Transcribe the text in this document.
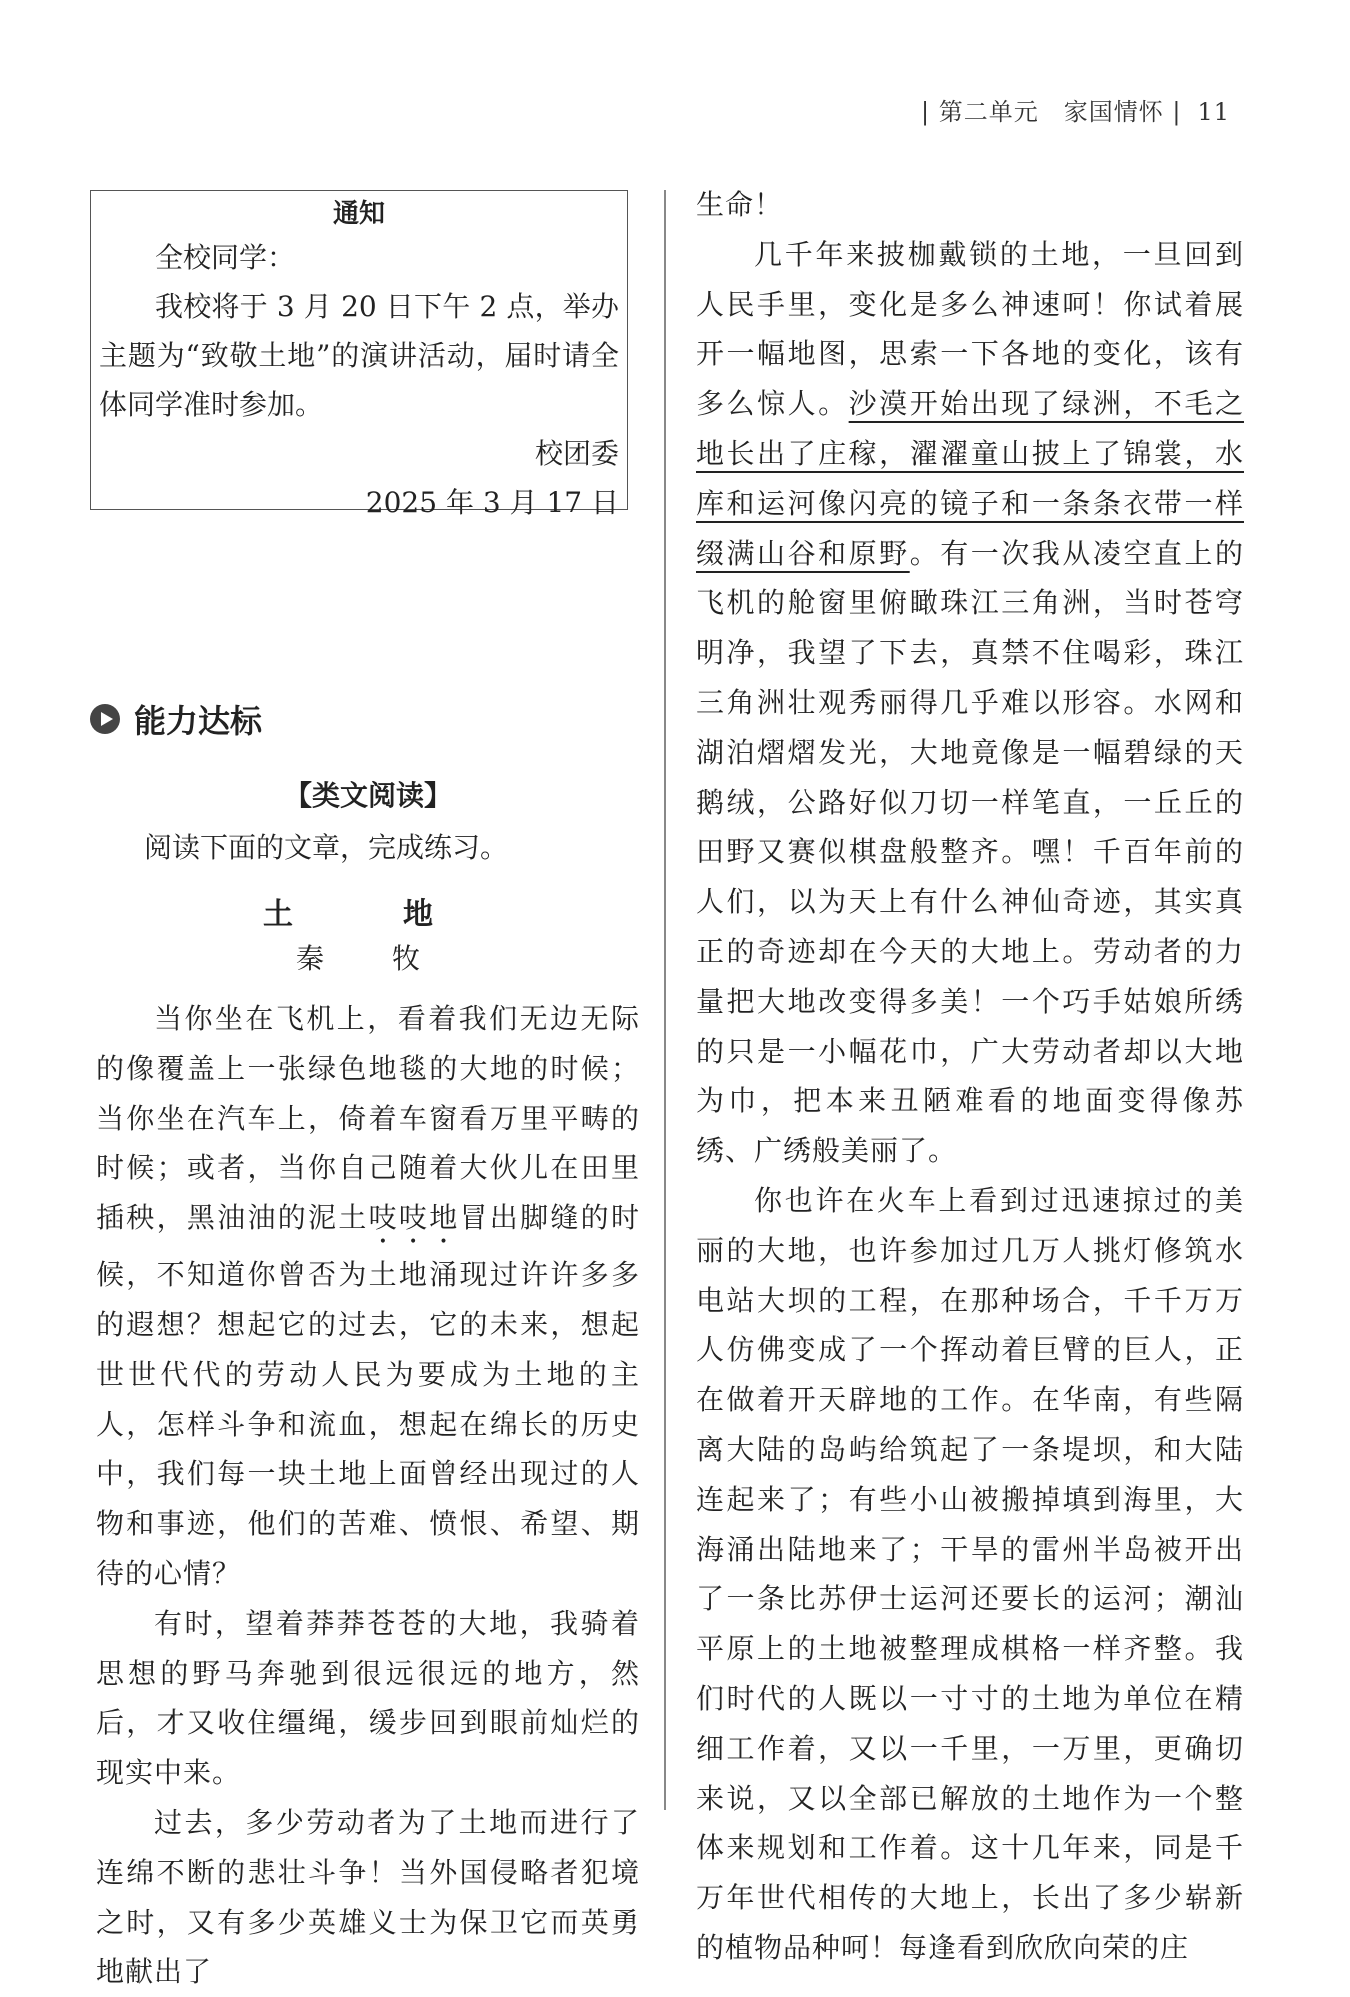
| 第二单元　家国情怀 | 11
通知

全校同学：

我校将于 3 月 20 日下午 2 点，举办主题为“致敬土地”的演讲活动，届时请全体同学准时参加。

校团委

2025 年 3 月 17 日

能力达标

【类文阅读】

阅读下面的文章，完成练习。

土　地

秦　牧

当你坐在飞机上，看着我们无边无际的像覆盖上一张绿色地毯的大地的时候；当你坐在汽车上，倚着车窗看万里平畴的时候；或者，当你自己随着大伙儿在田里插秧，黑油油的泥土吱吱地冒出脚缝的时候，不知道你曾否为土地涌现过许许多多的遐想？想起它的过去，它的未来，想起世世代代的劳动人民为要成为土地的主人，怎样斗争和流血，想起在绵长的历史中，我们每一块土地上面曾经出现过的人物和事迹，他们的苦难、愤恨、希望、期待的心情？

有时，望着莽莽苍苍的大地，我骑着思想的野马奔驰到很远很远的地方，然后，才又收住缰绳，缓步回到眼前灿烂的现实中来。

过去，多少劳动者为了土地而进行了连绵不断的悲壮斗争！当外国侵略者犯境之时，又有多少英雄义士为保卫它而英勇地献出了

生命！

几千年来披枷戴锁的土地，一旦回到人民手里，变化是多么神速呵！你试着展开一幅地图，思索一下各地的变化，该有多么惊人。沙漠开始出现了绿洲，不毛之地长出了庄稼，濯濯童山披上了锦裳，水库和运河像闪亮的镜子和一条条衣带一样缀满山谷和原野。有一次我从凌空直上的飞机的舱窗里俯瞰珠江三角洲，当时苍穹明净，我望了下去，真禁不住喝彩，珠江三角洲壮观秀丽得几乎难以形容。水网和湖泊熠熠发光，大地竟像是一幅碧绿的天鹅绒，公路好似刀切一样笔直，一丘丘的田野又赛似棋盘般整齐。嘿！千百年前的人们，以为天上有什么神仙奇迹，其实真正的奇迹却在今天的大地上。劳动者的力量把大地改变得多美！一个巧手姑娘所绣的只是一小幅花巾，广大劳动者却以大地为巾，把本来丑陋难看的地面变得像苏绣、广绣般美丽了。

你也许在火车上看到过迅速掠过的美丽的大地，也许参加过几万人挑灯修筑水电站大坝的工程，在那种场合，千千万万人仿佛变成了一个挥动着巨臂的巨人，正在做着开天辟地的工作。在华南，有些隔离大陆的岛屿给筑起了一条堤坝，和大陆连起来了；有些小山被搬掉填到海里，大海涌出陆地来了；干旱的雷州半岛被开出了一条比苏伊士运河还要长的运河；潮汕平原上的土地被整理成棋格一样齐整。我们时代的人既以一寸寸的土地为单位在精细工作着，又以一千里，一万里，更确切来说，又以全部已解放的土地作为一个整体来规划和工作着。这十几年来，同是千万年世代相传的大地上，长出了多少崭新的植物品种呵！每逢看到欣欣向荣的庄
